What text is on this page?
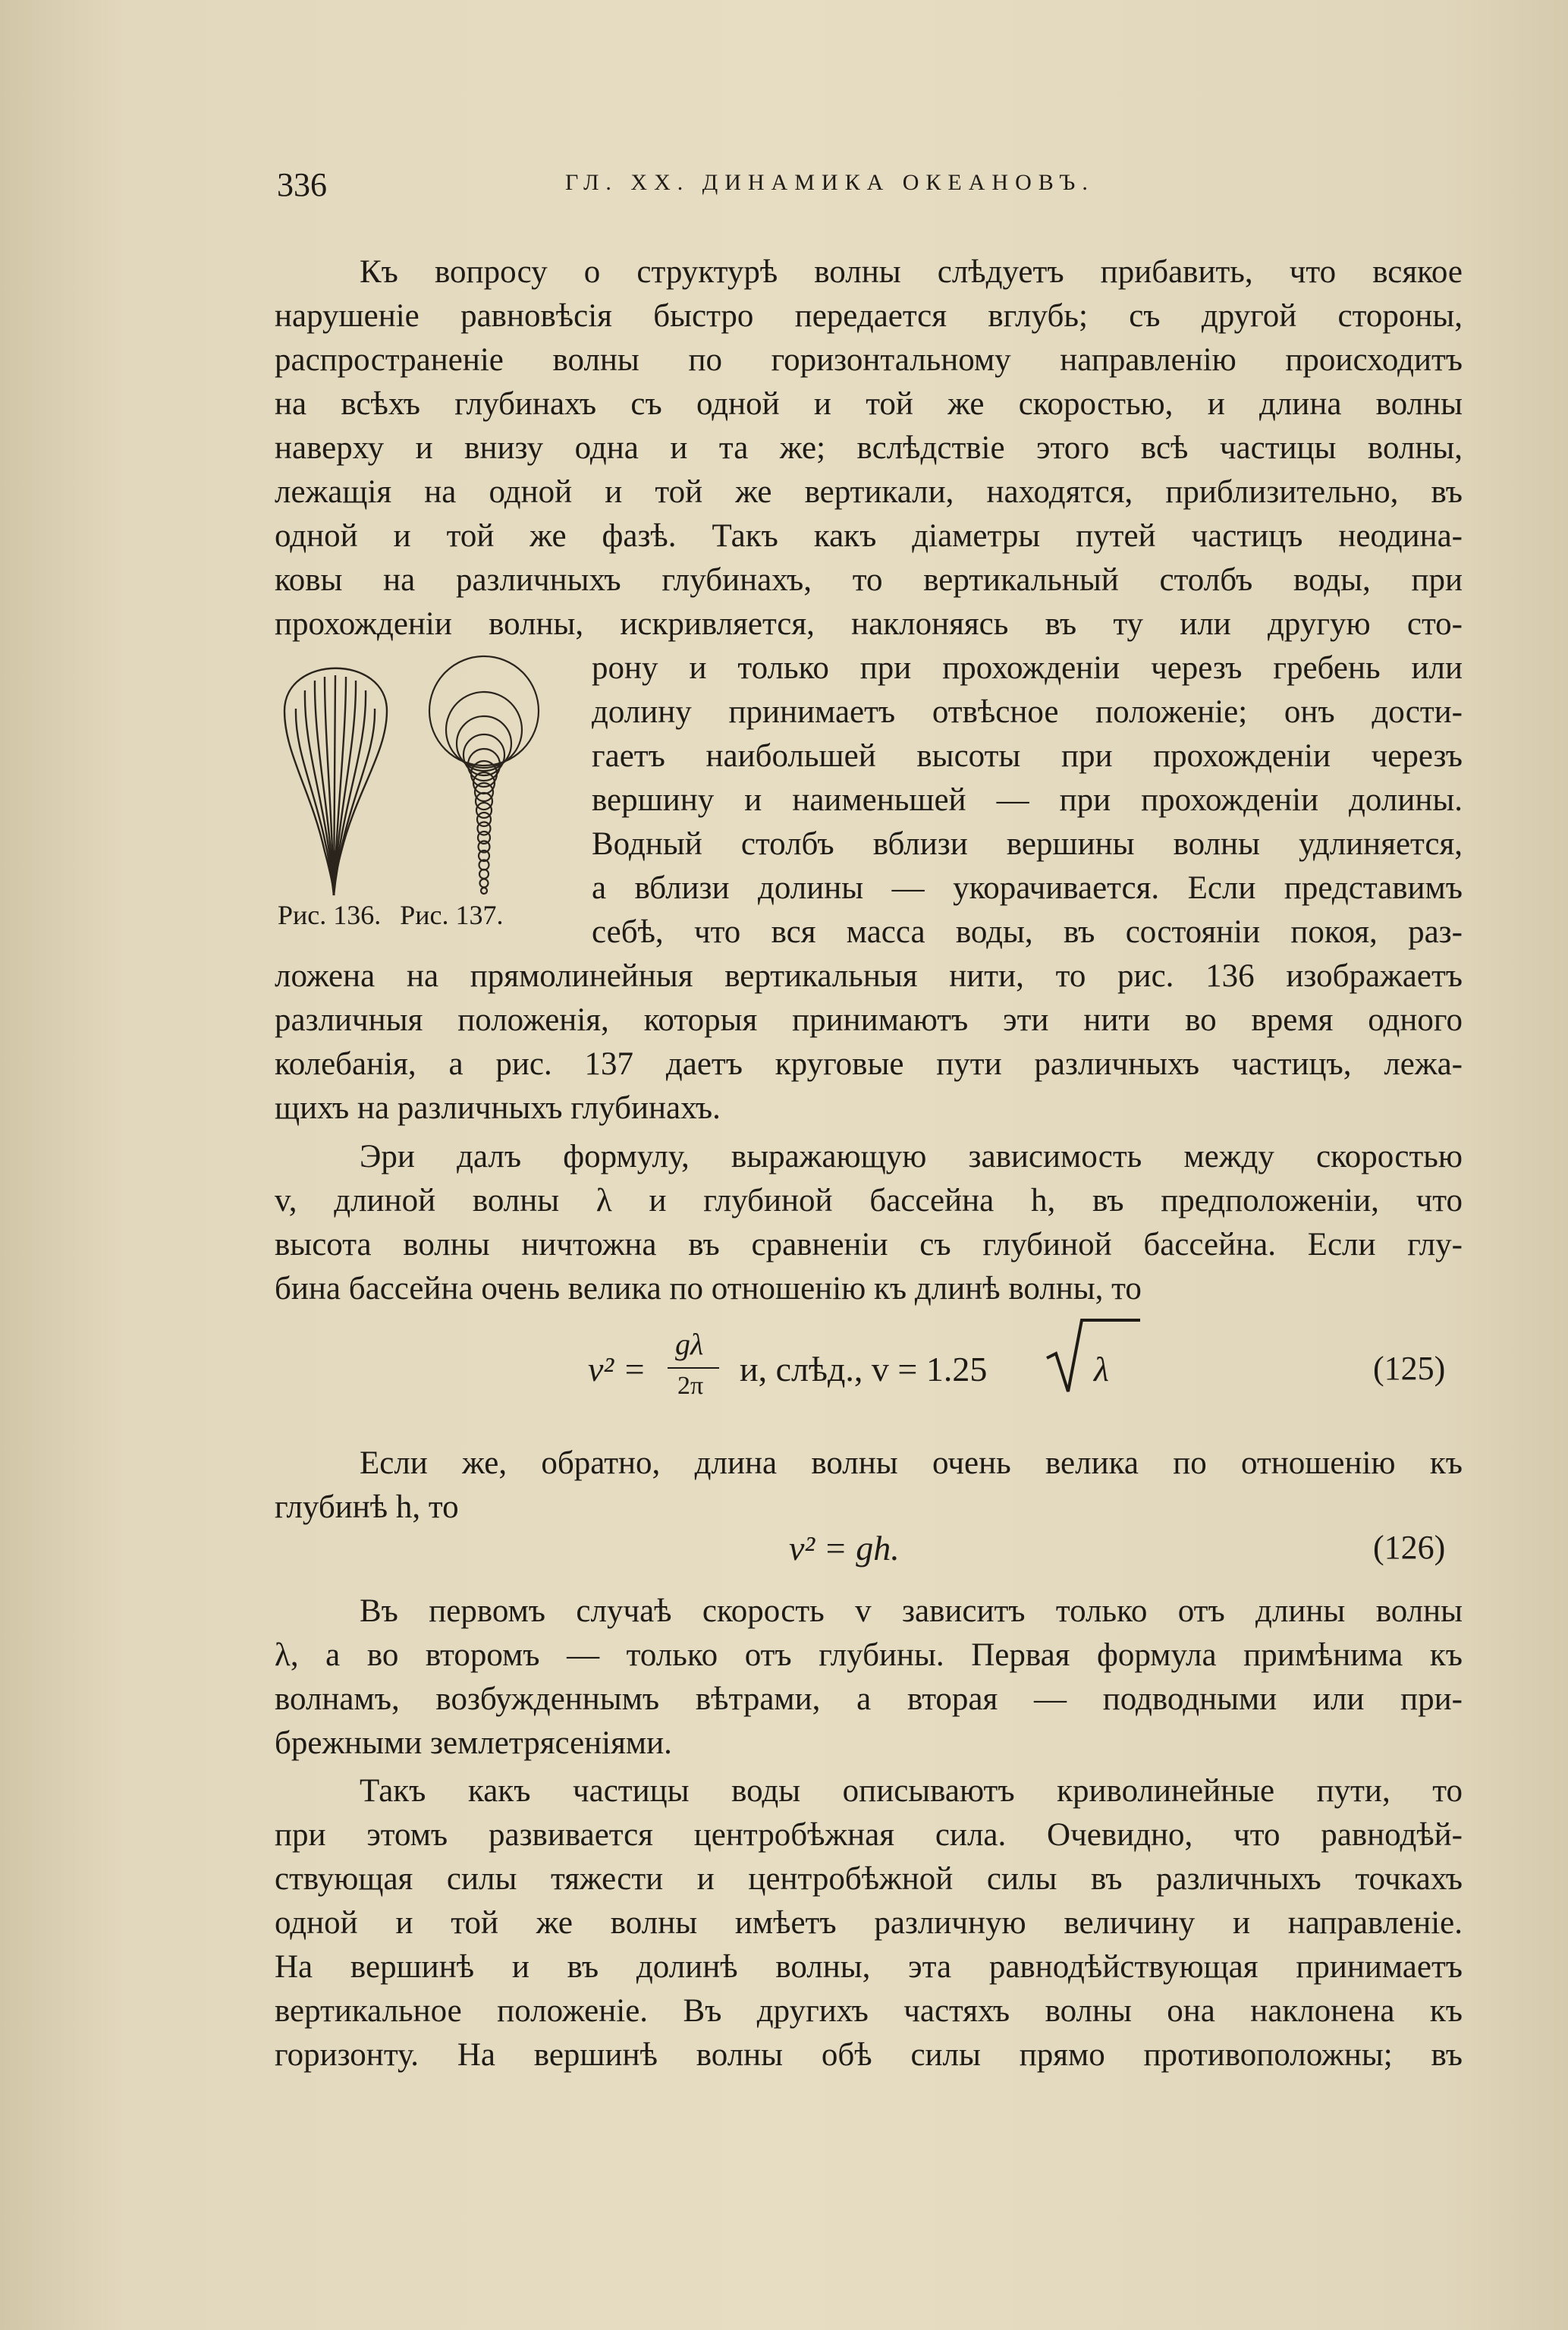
336	ГЛ. XX. ДИНАМИКА ОКЕАНОВЪ.
Къ вопросу о структурѣ волны слѣдуетъ прибавить, что всякое
нарушеніе равновѣсія быстро передается вглубь; съ другой стороны,
распространеніе волны по горизонтальному направленію происходитъ
на всѣхъ глубинахъ съ одной и той же скоростью, и длина волны
наверху и внизу одна и та же; вслѣдствіе этого всѣ частицы волны,
лежащія на одной и той же вертикали, находятся, приблизительно, въ
одной и той же фазѣ. Такъ какъ діаметры путей частицъ неодина-
ковы на различныхъ глубинахъ, то вертикальный столбъ воды, при
прохожденіи волны, искривляется, наклоняясь въ ту или другую сто-
Рис. 136. Рис. 137.
рону и только при прохожденіи черезъ гребень или
долину принимаетъ отвѣсное положеніе; онъ дости-
гаетъ наибольшей высоты при прохожденіи черезъ
вершину и наименьшей — при прохожденіи долины.
Водный столбъ вблизи вершины волны удлиняется,
а вблизи долины — укорачивается. Если представимъ
себѣ, что вся масса воды, въ состояніи покоя, раз-
ложена на прямолинейныя вертикальныя нити, то рис. 136 изображаетъ
различныя положенія, которыя принимаютъ эти нити во время одного
колебанія, а рис. 137 даетъ круговые пути различныхъ частицъ, лежа-
щихъ на различныхъ глубинахъ.
Эри далъ формулу, выражающую зависимость между скоростью
v, длиной волны λ и глубиной бассейна h, въ предположеніи, что
высота волны ничтожна въ сравненіи съ глубиной бассейна. Если глу-
бина бассейна очень велика по отношенію къ длинѣ волны, то
v² =
gλ
2π и, слѣд., v = 1.25	λ	(125)
Если же, обратно, длина волны очень велика по отношенію къ
глубинѣ h, то
v² = gh.	(126)
Въ первомъ случаѣ скорость v зависитъ только отъ длины волны
λ, а во второмъ — только отъ глубины. Первая формула примѣнима къ
волнамъ, возбужденнымъ вѣтрами, а вторая — подводными или при-
брежными землетрясеніями.
Такъ какъ частицы воды описываютъ криволинейные пути, то
при этомъ развивается центробѣжная сила. Очевидно, что равнодѣй-
ствующая силы тяжести и центробѣжной силы въ различныхъ точкахъ
одной и той же волны имѣетъ различную величину и направленіе.
На вершинѣ и въ долинѣ волны, эта равнодѣйствующая принимаетъ
вертикальное положеніе. Въ другихъ частяхъ волны она наклонена къ
горизонту. На вершинѣ волны обѣ силы прямо противоположны; въ
